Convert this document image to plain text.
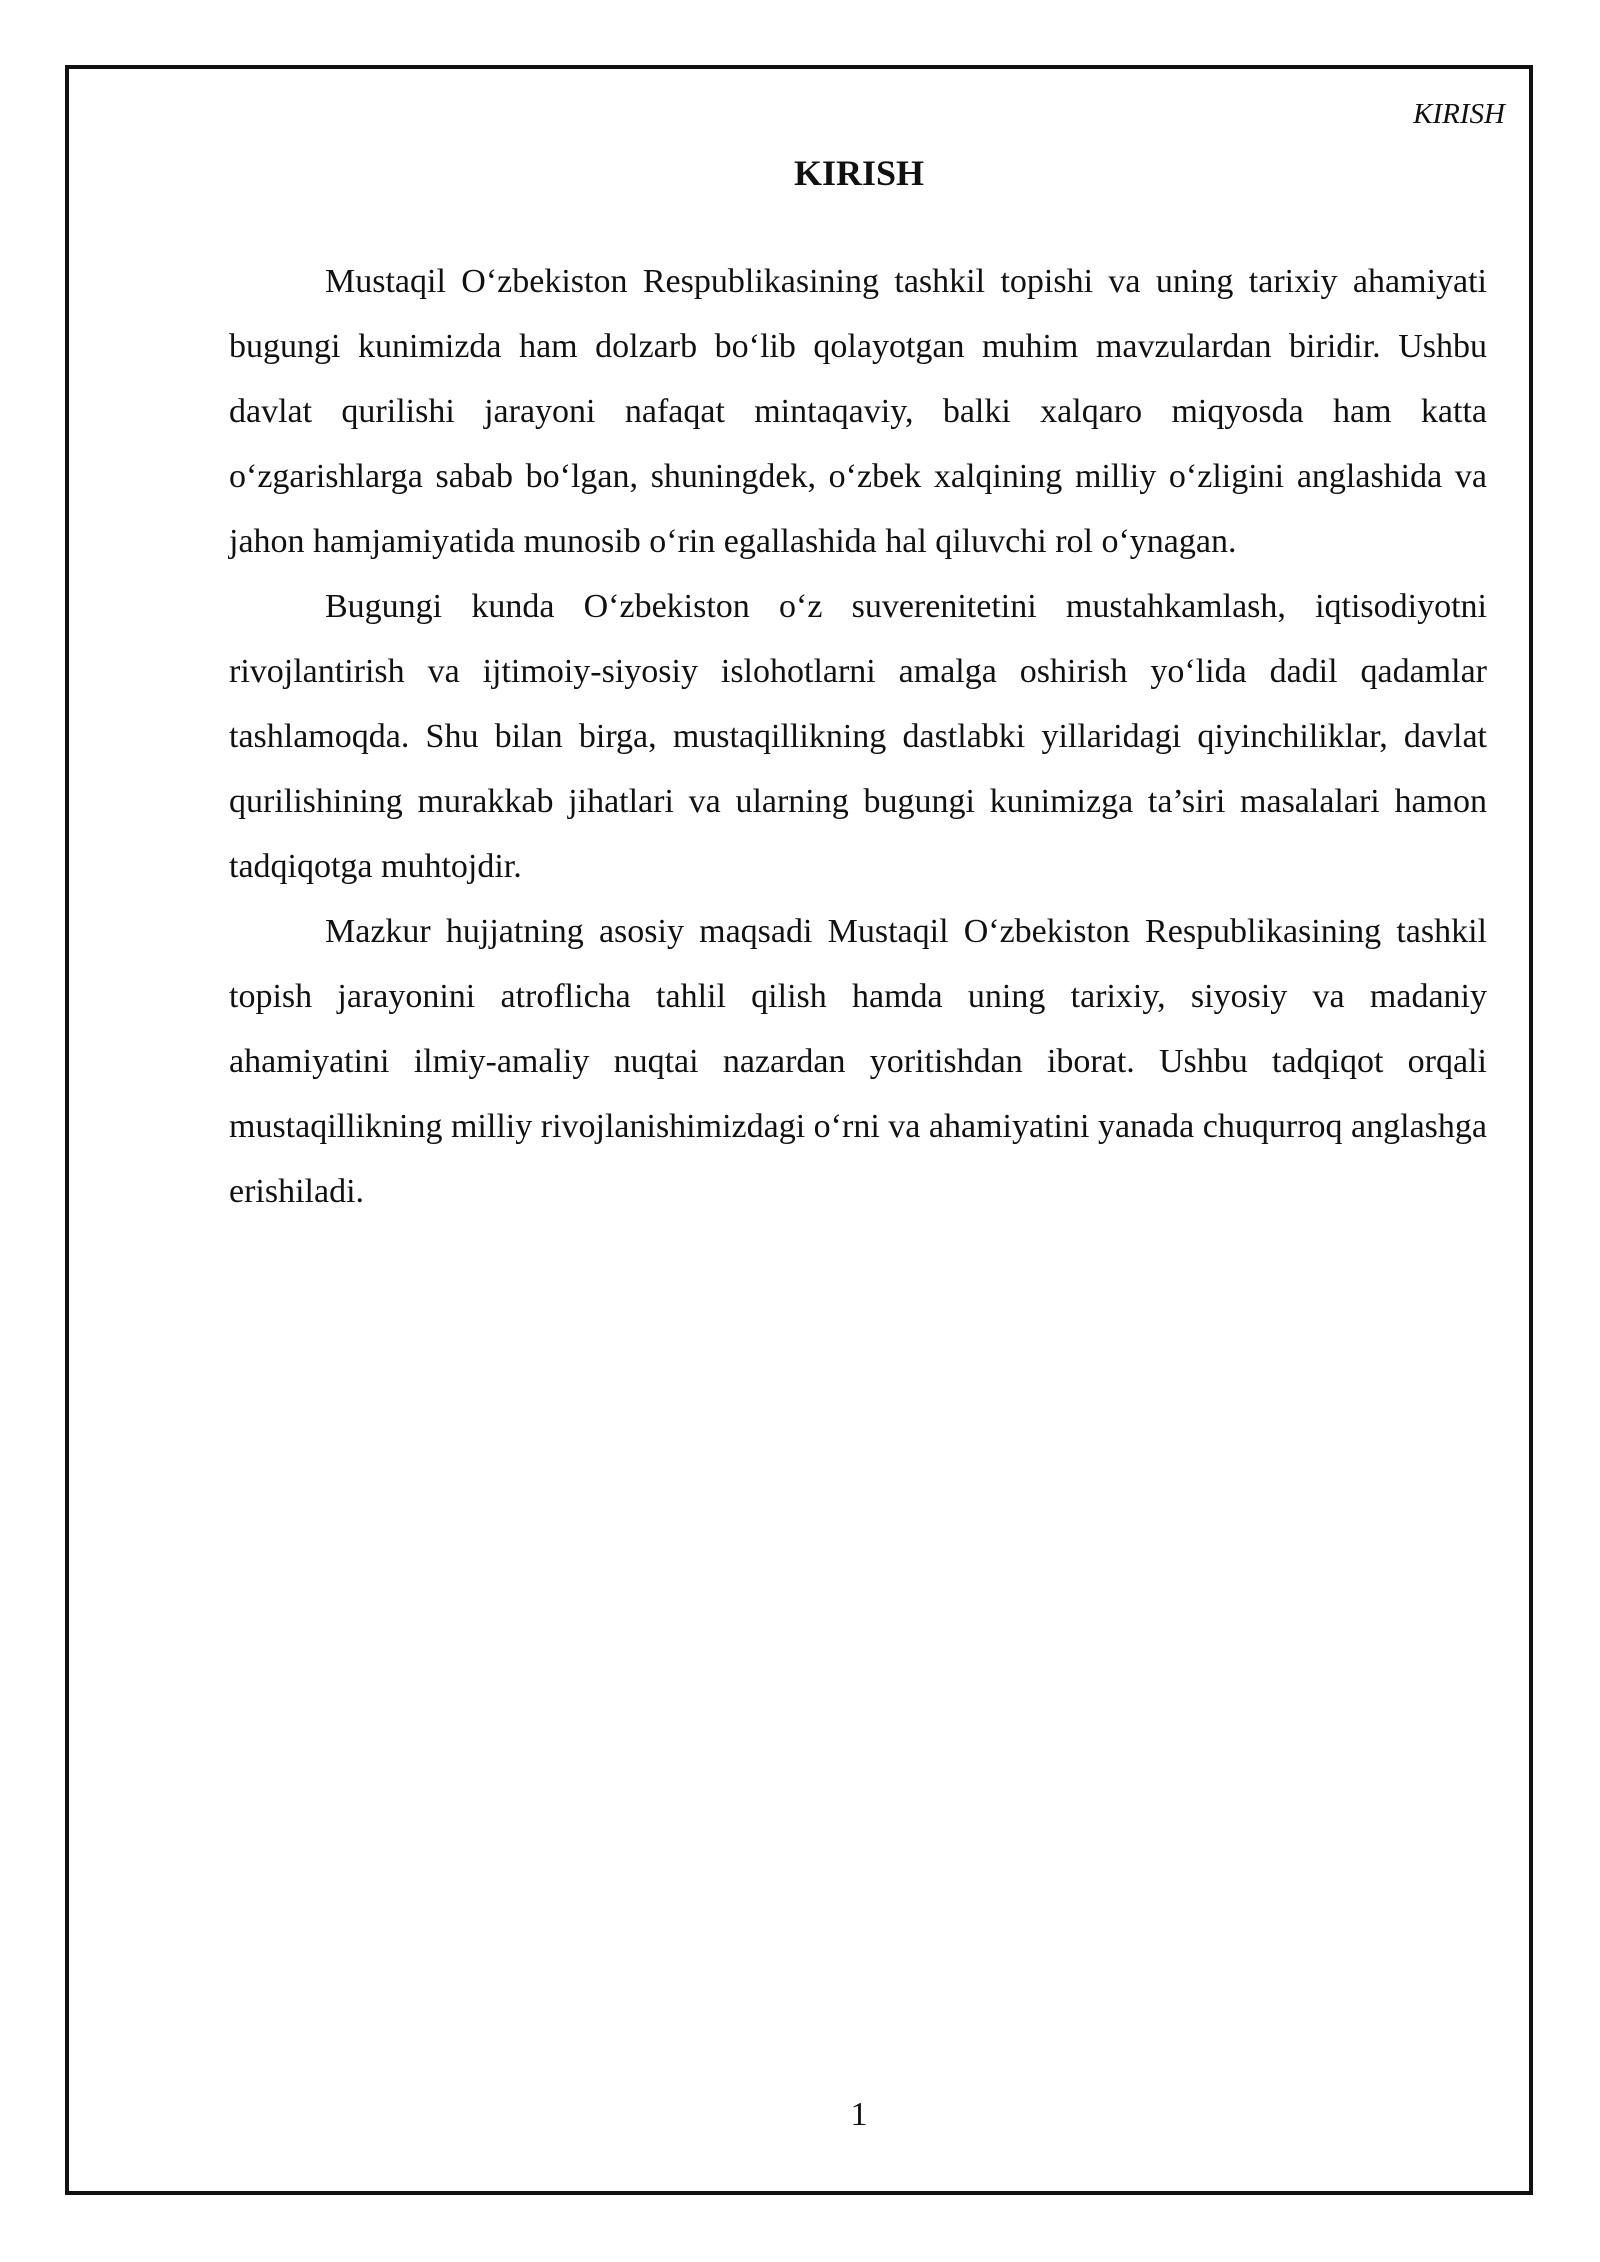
KIRISH
KIRISH

Mustaqil O‘zbekiston Respublikasining tashkil topishi va uning tarixiy ahamiyati bugungi kunimizda ham dolzarb bo‘lib qolayotgan muhim mavzulardan biridir. Ushbu davlat qurilishi jarayoni nafaqat mintaqaviy, balki xalqaro miqyosda ham katta o‘zgarishlarga sabab bo‘lgan, shuningdek, o‘zbek xalqining milliy o‘zligini anglashida va jahon hamjamiyatida munosib o‘rin egallashida hal qiluvchi rol o‘ynagan.

Bugungi kunda O‘zbekiston o‘z suverenitetini mustahkamlash, iqtisodiyotni rivojlantirish va ijtimoiy-siyosiy islohotlarni amalga oshirish yo‘lida dadil qadamlar tashlamoqda. Shu bilan birga, mustaqillikning dastlabki yillaridagi qiyinchiliklar, davlat qurilishining murakkab jihatlari va ularning bugungi kunimizga ta’siri masalalari hamon tadqiqotga muhtojdir.

Mazkur hujjatning asosiy maqsadi Mustaqil O‘zbekiston Respublikasining tashkil topish jarayonini atroflicha tahlil qilish hamda uning tarixiy, siyosiy va madaniy ahamiyatini ilmiy-amaliy nuqtai nazardan yoritishdan iborat. Ushbu tadqiqot orqali mustaqillikning milliy rivojlanishimizdagi o‘rni va ahamiyatini yanada chuqurroq anglashga erishiladi.

1
